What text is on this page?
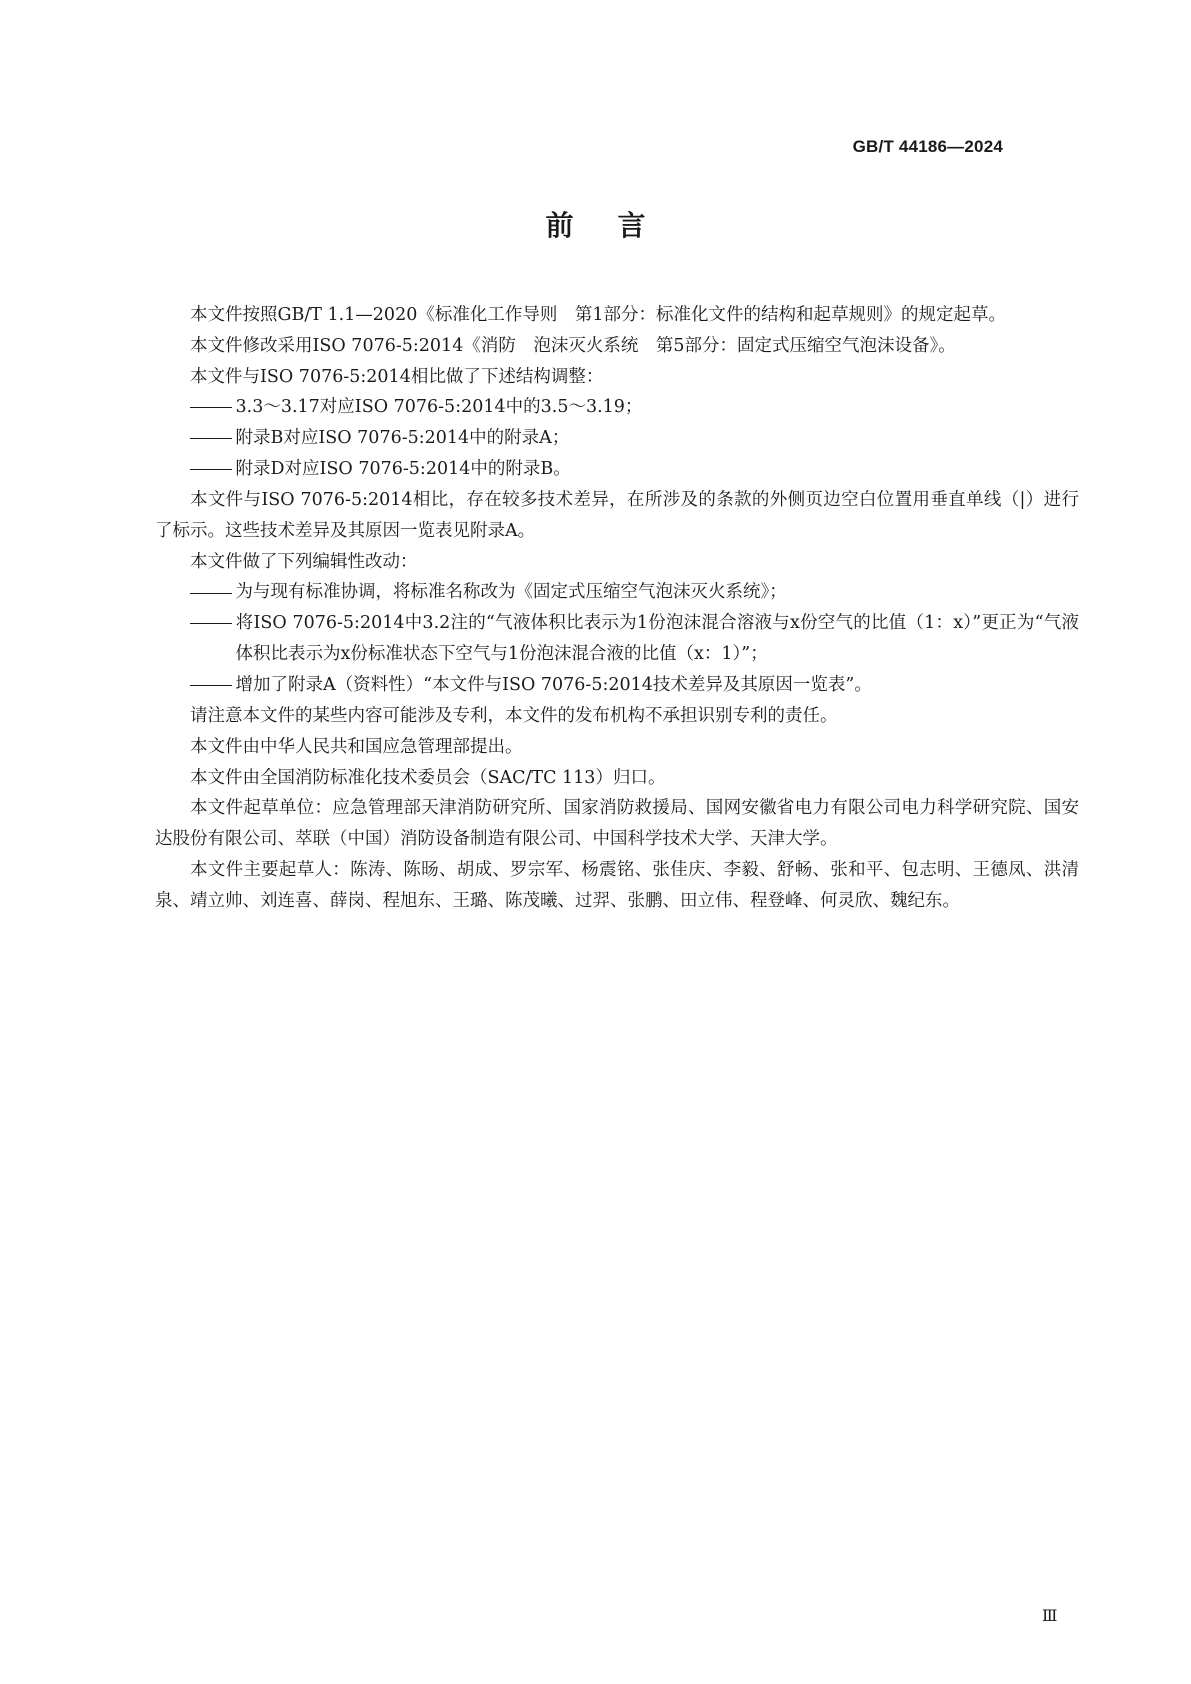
GB/T 44186—2024
前言

本文件按照GB/T 1.1—2020《标准化工作导则　第1部分：标准化文件的结构和起草规则》的规定起草。

本文件修改采用ISO 7076-5:2014《消防　泡沫灭火系统　第5部分：固定式压缩空气泡沫设备》。

本文件与ISO 7076-5:2014相比做了下述结构调整：

3.3～3.17对应ISO 7076-5:2014中的3.5～3.19；

附录B对应ISO 7076-5:2014中的附录A；

附录D对应ISO 7076-5:2014中的附录B。

本文件与ISO 7076-5:2014相比，存在较多技术差异，在所涉及的条款的外侧页边空白位置用垂直单线（|）进行了标示。这些技术差异及其原因一览表见附录A。

本文件做了下列编辑性改动：

为与现有标准协调，将标准名称改为《固定式压缩空气泡沫灭火系统》；

将ISO 7076-5:2014中3.2注的“气液体积比表示为1份泡沫混合溶液与x份空气的比值（1：x）”更正为“气液体积比表示为x份标准状态下空气与1份泡沫混合液的比值（x：1）”；

增加了附录A（资料性）“本文件与ISO 7076-5:2014技术差异及其原因一览表”。

请注意本文件的某些内容可能涉及专利，本文件的发布机构不承担识别专利的责任。

本文件由中华人民共和国应急管理部提出。

本文件由全国消防标准化技术委员会（SAC/TC 113）归口。

本文件起草单位：应急管理部天津消防研究所、国家消防救援局、国网安徽省电力有限公司电力科学研究院、国安达股份有限公司、萃联（中国）消防设备制造有限公司、中国科学技术大学、天津大学。

本文件主要起草人：陈涛、陈旸、胡成、罗宗军、杨震铭、张佳庆、李毅、舒畅、张和平、包志明、王德凤、洪清泉、靖立帅、刘连喜、薛岗、程旭东、王璐、陈茂曦、过羿、张鹏、田立伟、程登峰、何灵欣、魏纪东。

Ⅲ
